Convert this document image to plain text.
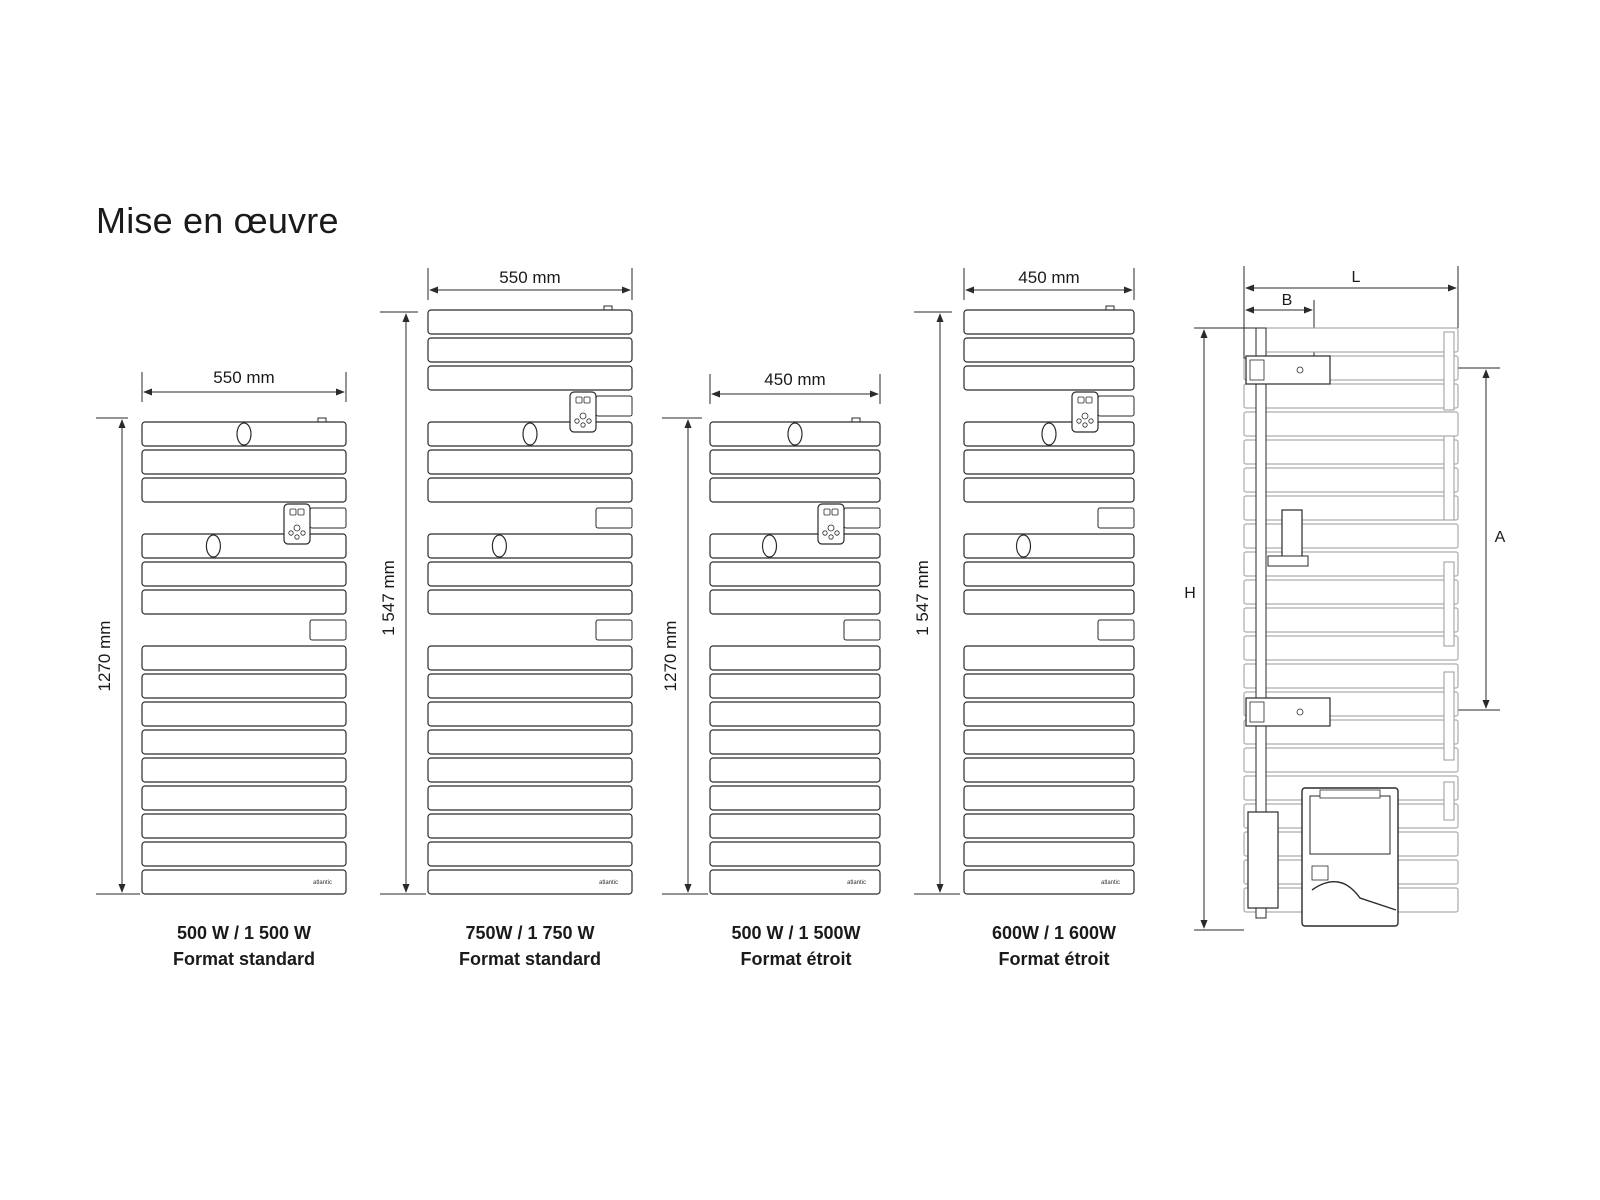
Mise en œuvre
atlantic
550 mm
1270 mm
atlantic
550 mm
1 547 mm
atlantic
450 mm
1270 mm
atlantic
450 mm
1 547 mm
L
B
H
A
500 W / 1 500 W
Format standard
750W / 1 750 W
Format standard
500 W / 1 500W
Format étroit
600W / 1 600W
Format étroit
